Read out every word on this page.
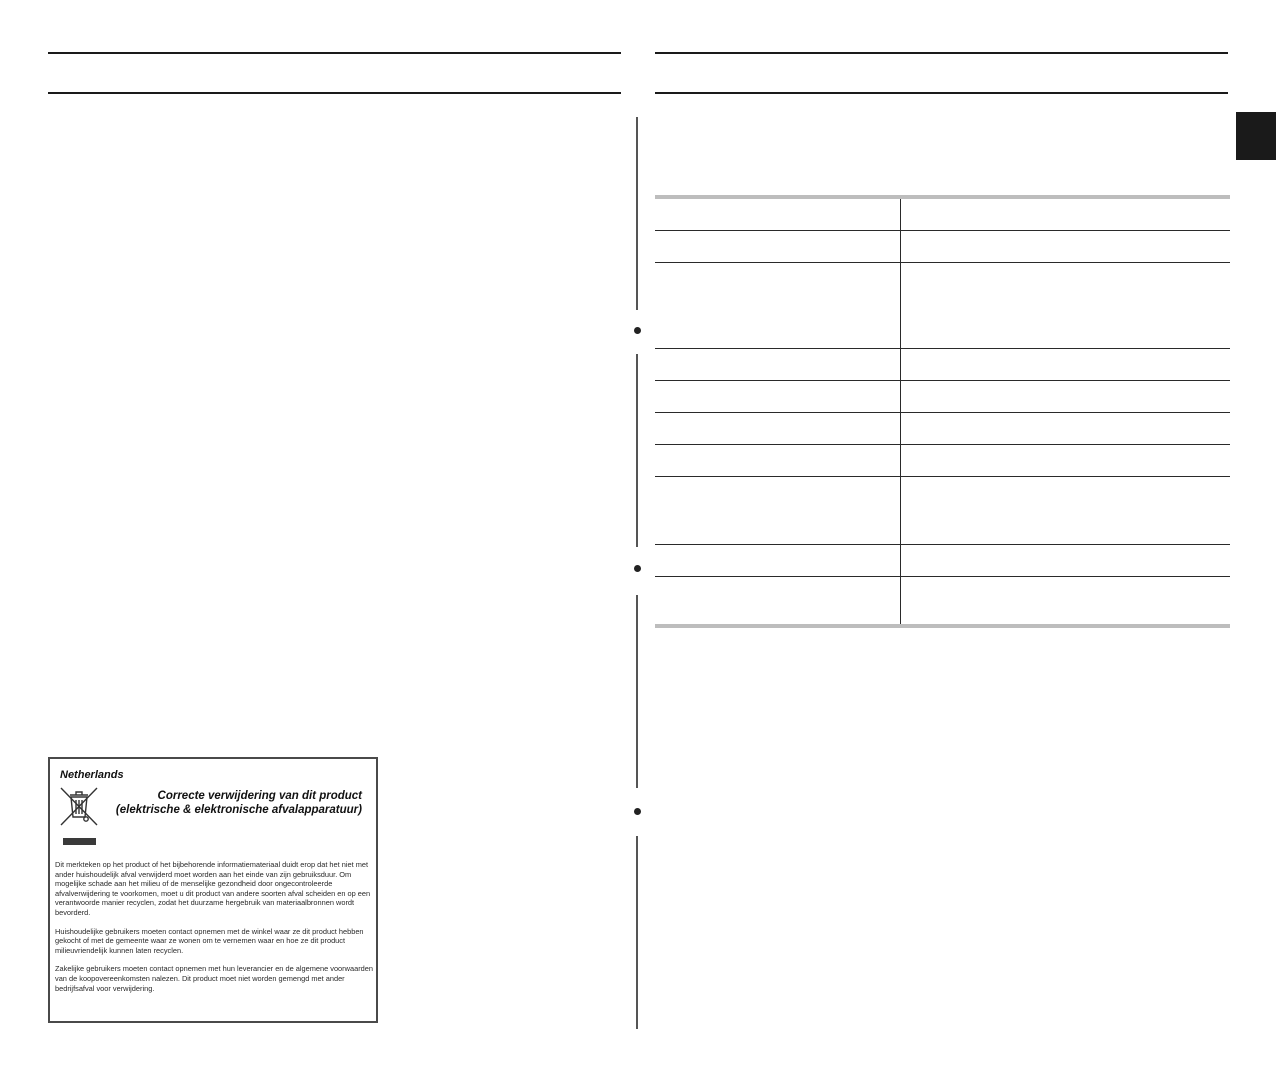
Netherlands
Correcte verwijdering van dit product
(elektrische & elektronische afvalapparatuur)

Dit merkteken op het product of het bijbehorende informatiemateriaal duidt erop dat het niet met ander huishoudelijk afval verwijderd moet worden aan het einde van zijn gebruiksduur. Om mogelijke schade aan het milieu of de menselijke gezondheid door ongecontroleerde afvalverwijdering te voorkomen, moet u dit product van andere soorten afval scheiden en op een verantwoorde manier recyclen, zodat het duurzame hergebruik van materiaalbronnen wordt bevorderd.

Huishoudelijke gebruikers moeten contact opnemen met de winkel waar ze dit product hebben gekocht of met de gemeente waar ze wonen om te vernemen waar en hoe ze dit product milieuvriendelijk kunnen laten recyclen.

Zakelijke gebruikers moeten contact opnemen met hun leverancier en de algemene voorwaarden van de koopovereenkomsten nalezen. Dit product moet niet worden gemengd met ander bedrijfsafval voor verwijdering.
